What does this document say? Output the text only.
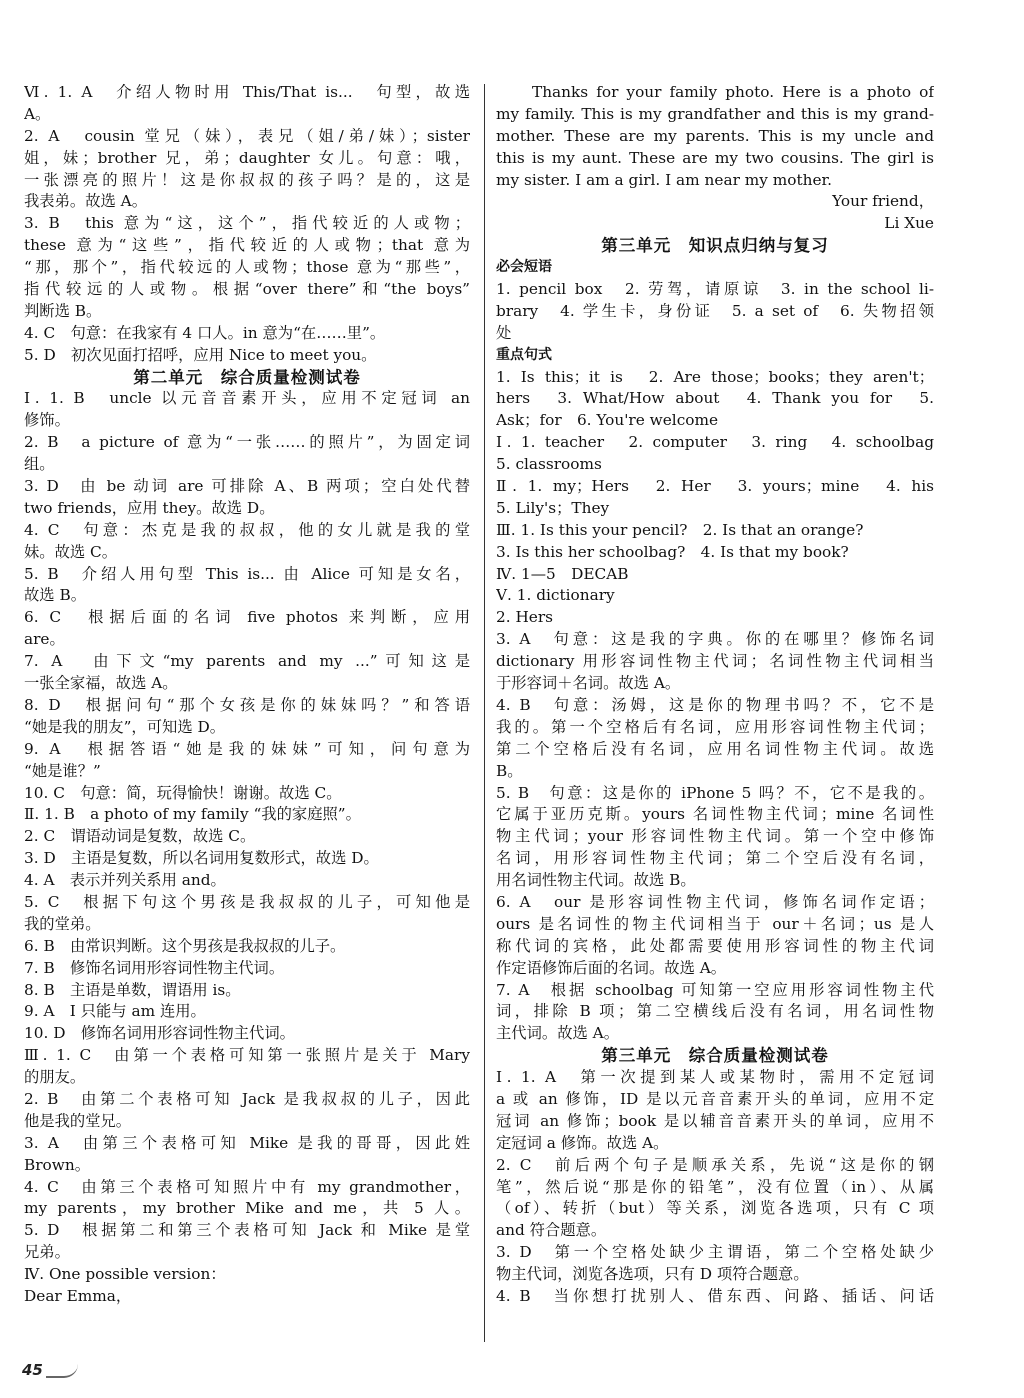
Ⅵ. 1. A　介绍人物时用 This/That is...　句型，故选
A。
2. A　cousin 堂兄（妹），表兄（姐/弟/妹）；sister
姐，妹；brother 兄，弟；daughter 女儿。句意：哦，
一张漂亮的照片！这是你叔叔的孩子吗？是的，这是
我表弟。故选 A。
3. B　this 意为“这，这个”，指代较近的人或物；
these 意为“这些”，指代较近的人或物；that 意为
“那，那个”，指代较远的人或物；those 意为“那些”，
指代较远的人或物。根据“over there”和“the boys”
判断选 B。
4. C　句意：在我家有 4 口人。in 意为“在……里”。
5. D　初次见面打招呼，应用 Nice to meet you。
第二单元　综合质量检测试卷
Ⅰ. 1. B　uncle 以元音音素开头，应用不定冠词 an
修饰。
2. B　a picture of 意为“一张……的照片”，为固定词
组。
3. D　由 be 动词 are 可排除 A、B 两项；空白处代替
two friends，应用 they。故选 D。
4. C　句意：杰克是我的叔叔，他的女儿就是我的堂
妹。故选 C。
5. B　介绍人用句型 This is... 由 Alice 可知是女名，
故选 B。
6. C　根据后面的名词 five photos 来判断，应用
are。
7. A　由下文“my parents and my ...”可知这是
一张全家福，故选 A。
8. D　根据问句“那个女孩是你的妹妹吗？”和答语
“她是我的朋友”，可知选 D。
9. A　根据答语“她是我的妹妹”可知，问句意为
“她是谁？”
10. C　句意：简，玩得愉快！谢谢。故选 C。
Ⅱ. 1. B　a photo of my family “我的家庭照”。
2. C　谓语动词是复数，故选 C。
3. D　主语是复数，所以名词用复数形式，故选 D。
4. A　表示并列关系用 and。
5. C　根据下句这个男孩是我叔叔的儿子，可知他是
我的堂弟。
6. B　由常识判断。这个男孩是我叔叔的儿子。
7. B　修饰名词用形容词性物主代词。
8. B　主语是单数，谓语用 is。
9. A　I 只能与 am 连用。
10. D　修饰名词用形容词性物主代词。
Ⅲ. 1. C　由第一个表格可知第一张照片是关于 Mary
的朋友。
2. B　由第二个表格可知 Jack 是我叔叔的儿子，因此
他是我的堂兄。
3. A　由第三个表格可知 Mike 是我的哥哥，因此姓
Brown。
4. C　由第三个表格可知照片中有 my grandmother，
my parents，my brother Mike and me，共 5 人。
5. D　根据第二和第三个表格可知 Jack 和 Mike 是堂
兄弟。
Ⅳ. One possible version：
Dear Emma，
Thanks for your family photo. Here is a photo of
my family. This is my grandfather and this is my grand-
mother. These are my parents. This is my uncle and
this is my aunt. These are my two cousins. The girl is
my sister. I am a girl. I am near my mother.
Your friend，
Li Xue
第三单元　知识点归纳与复习
必会短语
1. pencil box　2. 劳驾，请原谅　3. in the school li-
brary　4. 学生卡，身份证　5. a set of　6. 失物招领
处
重点句式
1. Is this；it is　2. Are those；books；they aren't；
hers　3. What/How about　4. Thank you for　5.
Ask；for　6. You're welcome
Ⅰ. 1. teacher　2. computer　3. ring　4. schoolbag
5. classrooms
Ⅱ. 1. my；Hers　2. Her　3. yours；mine　4. his
5. Lily's；They
Ⅲ. 1. Is this your pencil?　2. Is that an orange?
3. Is this her schoolbag?　4. Is that my book?
Ⅳ. 1—5　DECAB
Ⅴ. 1. dictionary
2. Hers
3. A　句意：这是我的字典。你的在哪里？修饰名词
dictionary 用形容词性物主代词；名词性物主代词相当
于形容词＋名词。故选 A。
4. B　句意：汤姆，这是你的物理书吗？不，它不是
我的。第一个空格后有名词，应用形容词性物主代词；
第二个空格后没有名词，应用名词性物主代词。故选
B。
5. B　句意：这是你的 iPhone 5 吗？不，它不是我的。
它属于亚历克斯。yours 名词性物主代词；mine 名词性
物主代词；your 形容词性物主代词。第一个空中修饰
名词，用形容词性物主代词；第二个空后没有名词，
用名词性物主代词。故选 B。
6. A　our 是形容词性物主代词，修饰名词作定语；
ours 是名词性的物主代词相当于 our＋名词；us 是人
称代词的宾格，此处都需要使用形容词性的物主代词
作定语修饰后面的名词。故选 A。
7. A　根据 schoolbag 可知第一空应用形容词性物主代
词，排除 B 项；第二空横线后没有名词，用名词性物
主代词。故选 A。
第三单元　综合质量检测试卷
Ⅰ. 1. A　第一次提到某人或某物时，需用不定冠词
a 或 an 修饰，ID 是以元音音素开头的单词，应用不定
冠词 an 修饰；book 是以辅音音素开头的单词，应用不
定冠词 a 修饰。故选 A。
2. C　前后两个句子是顺承关系，先说“这是你的钢
笔”，然后说“那是你的铅笔”，没有位置（in）、从属
（of）、转折（but）等关系，浏览各选项，只有 C 项
and 符合题意。
3. D　第一个空格处缺少主谓语，第二个空格处缺少
物主代词，浏览各选项，只有 D 项符合题意。
4. B　当你想打扰别人、借东西、问路、插话、问话
45
